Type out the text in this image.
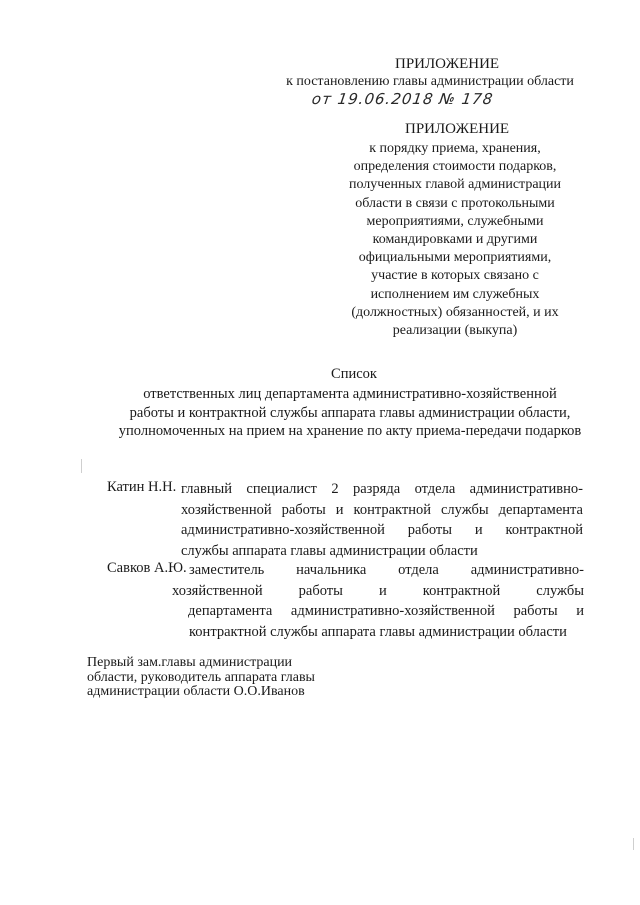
ПРИЛОЖЕНИЕ
к постановлению главы администрации области
от 19.06.2018 № 178
ПРИЛОЖЕНИЕ
к порядку приема, хранения,
определения стоимости подарков,
полученных главой администрации
области в связи с протокольными
мероприятиями, служебными
командировками и другими
официальными мероприятиями,
участие в которых связано с
исполнением им служебных
(должностных) обязанностей, и их
реализации (выкупа)
Список
ответственных лиц департамента административно-хозяйственной
работы и контрактной службы аппарата главы администрации области,
уполномоченных на прием на хранение по акту приема-передачи подарков
Катин Н.Н. главный специалист 2 разряда отдела административно-
хозяйственной работы и контрактной службы департамента
административно-хозяйственной работы и контрактной
службы аппарата главы администрации области
Савков А.Ю. заместитель начальника отдела административно-
хозяйственной работы и контрактной службы
департамента административно-хозяйственной работы и
контрактной службы аппарата главы администрации области
Первый зам.главы администрации
области, руководитель аппарата главы
администрации области О.О.Иванов
